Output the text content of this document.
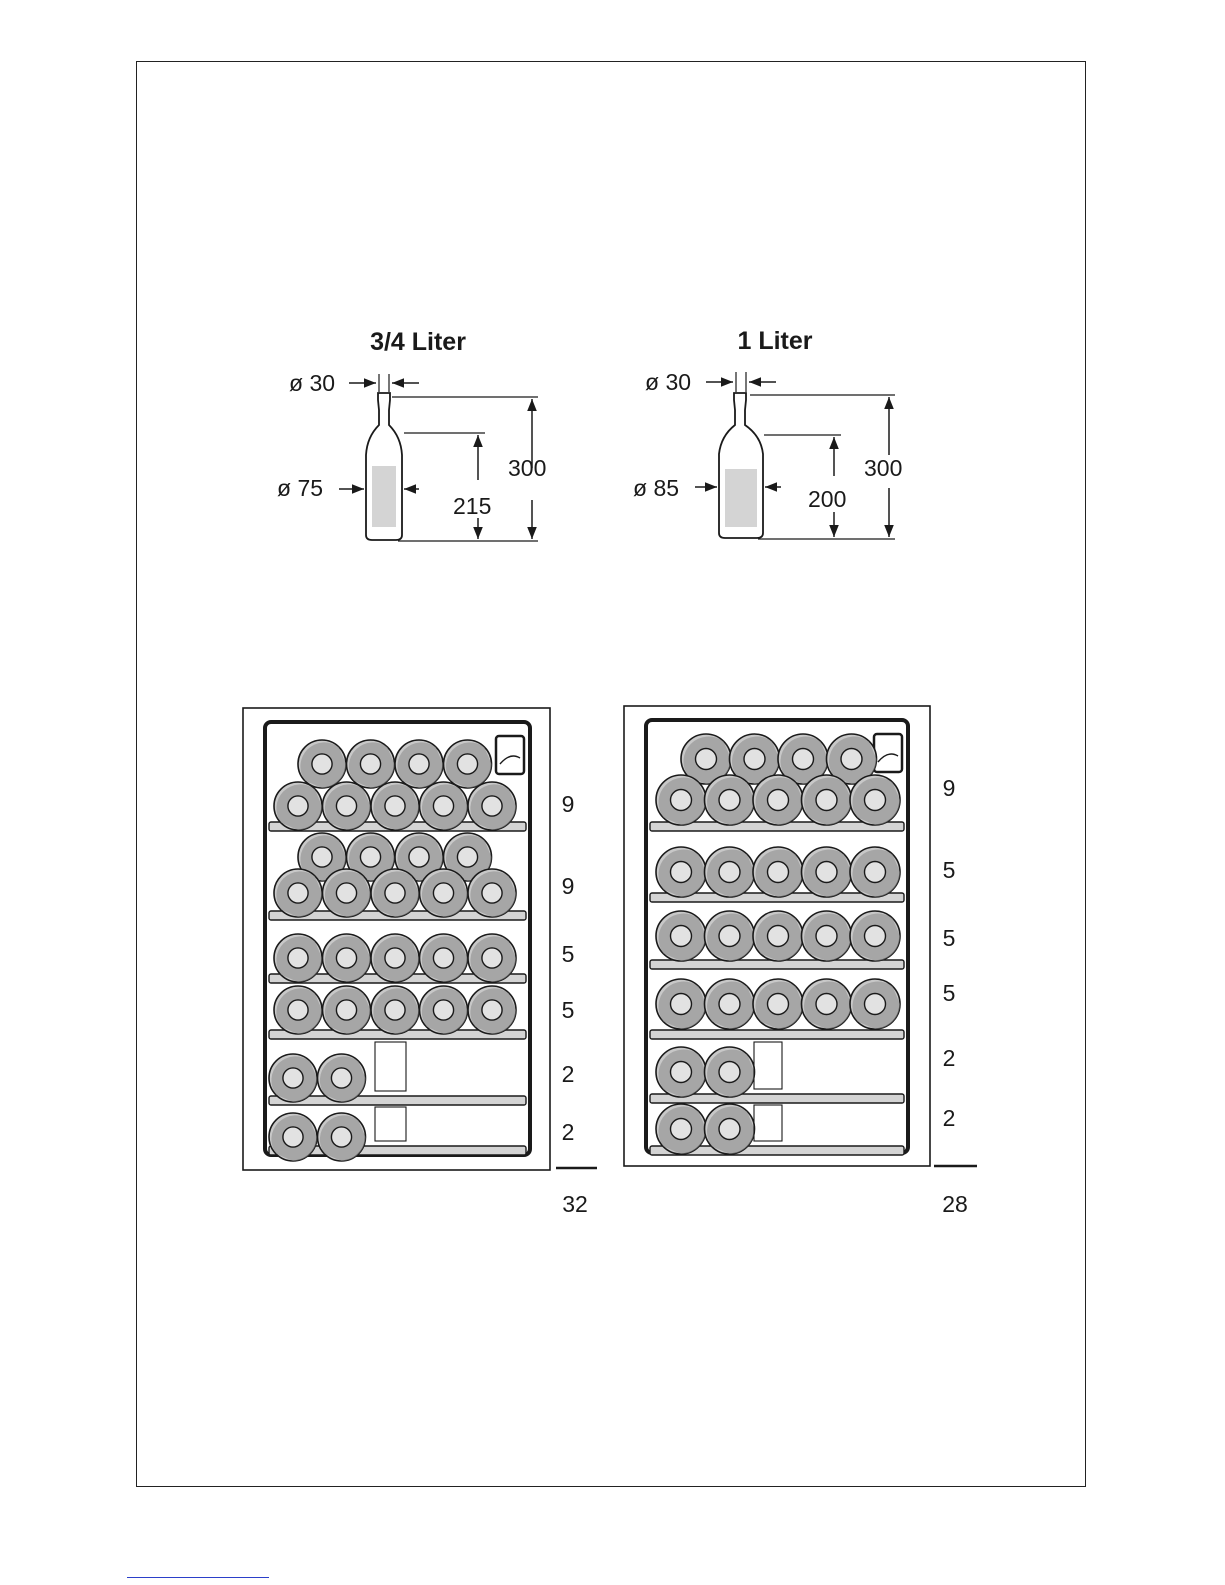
3/4 Liter
ø 30
ø 75
300
215
1 Liter
ø 30
ø 85
300
200
9
9
5
5
2
2
32
9
5
5
5
2
2
28
